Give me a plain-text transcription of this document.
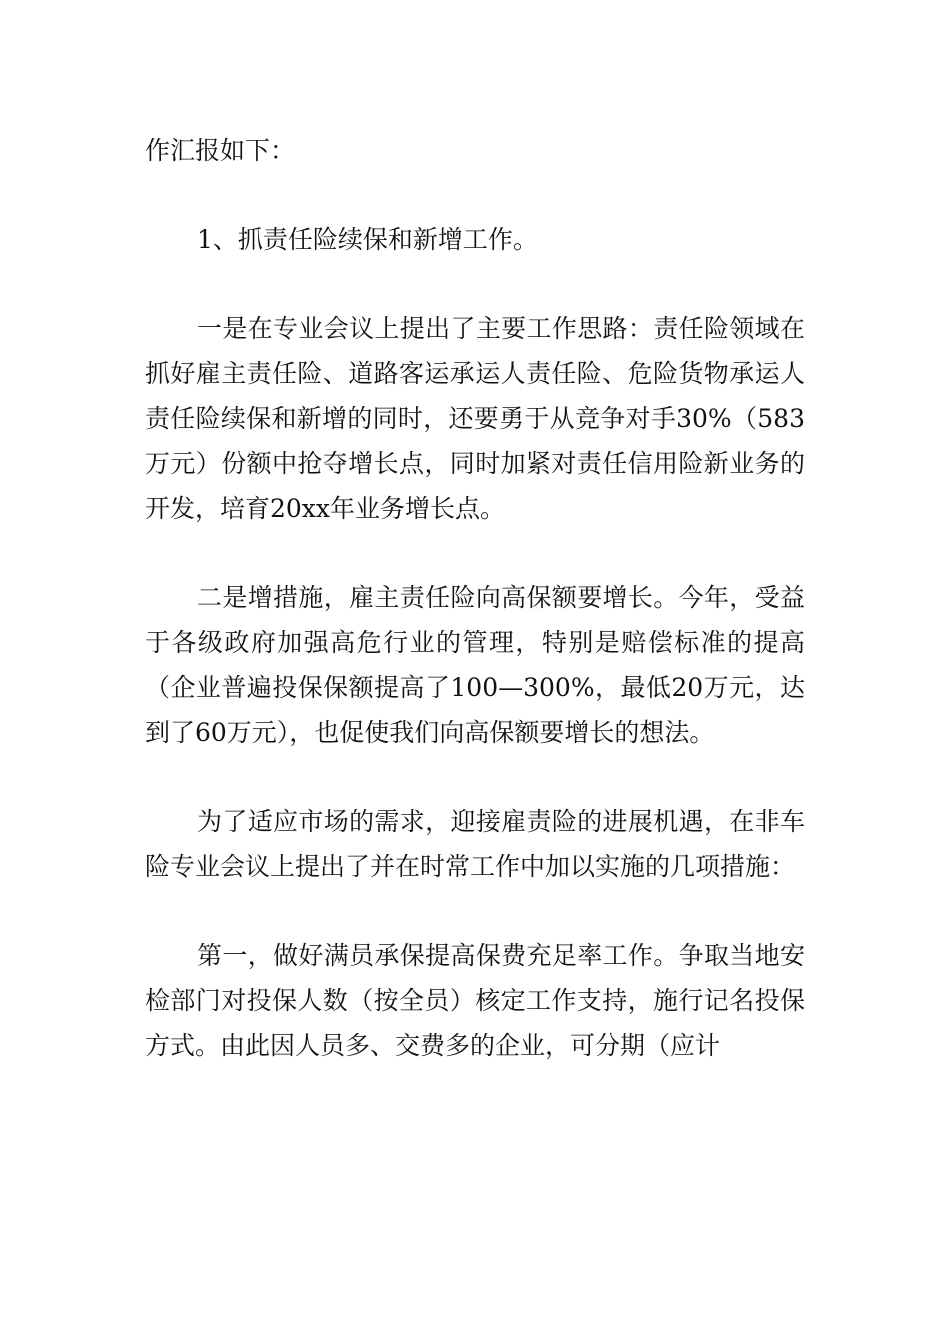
作汇报如下：

1、抓责任险续保和新增工作。

一是在专业会议上提出了主要工作思路：责任险领域在抓好雇主责任险、道路客运承运人责任险、危险货物承运人责任险续保和新增的同时，还要勇于从竞争对手30%（583万元）份额中抢夺增长点，同时加紧对责任信用险新业务的开发，培育20xx年业务增长点。

二是增措施，雇主责任险向高保额要增长。今年，受益于各级政府加强高危行业的管理，特别是赔偿标准的提高（企业普遍投保保额提高了100—300%，最低20万元，达到了60万元），也促使我们向高保额要增长的想法。

为了适应市场的需求，迎接雇责险的进展机遇，在非车险专业会议上提出了并在时常工作中加以实施的几项措施：

第一，做好满员承保提高保费充足率工作。争取当地安检部门对投保人数（按全员）核定工作支持，施行记名投保方式。由此因人员多、交费多的企业，可分期（应计
